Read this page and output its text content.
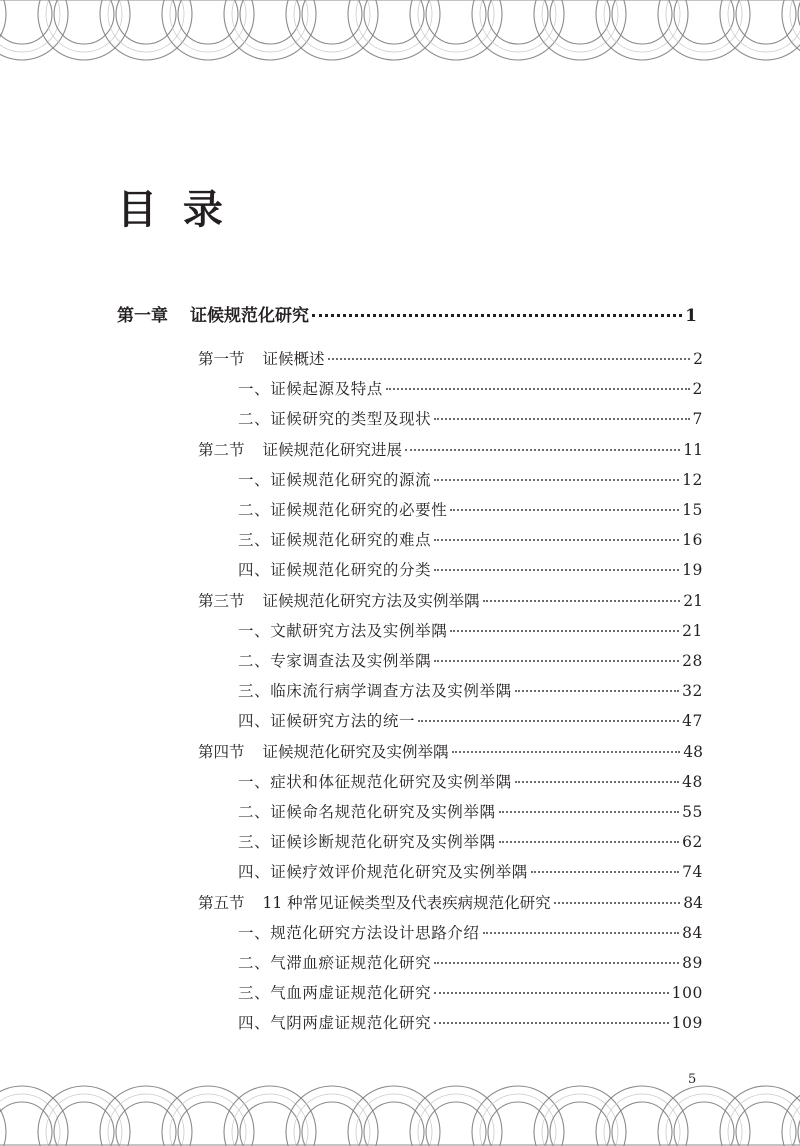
目 录
第一章 证候规范化研究	1
第一节 证候概述	2
一、证候起源及特点	2
二、证候研究的类型及现状	7
第二节 证候规范化研究进展	11
一、证候规范化研究的源流	12
二、证候规范化研究的必要性	15
三、证候规范化研究的难点	16
四、证候规范化研究的分类	19
第三节 证候规范化研究方法及实例举隅	21
一、文献研究方法及实例举隅	21
二、专家调查法及实例举隅	28
三、临床流行病学调查方法及实例举隅	32
四、证候研究方法的统一	47
第四节 证候规范化研究及实例举隅	48
一、症状和体征规范化研究及实例举隅	48
二、证候命名规范化研究及实例举隅	55
三、证候诊断规范化研究及实例举隅	62
四、证候疗效评价规范化研究及实例举隅	74
第五节 11 种常见证候类型及代表疾病规范化研究	84
一、规范化研究方法设计思路介绍	84
二、气滞血瘀证规范化研究	89
三、气血两虚证规范化研究	100
四、气阴两虚证规范化研究	109
5
